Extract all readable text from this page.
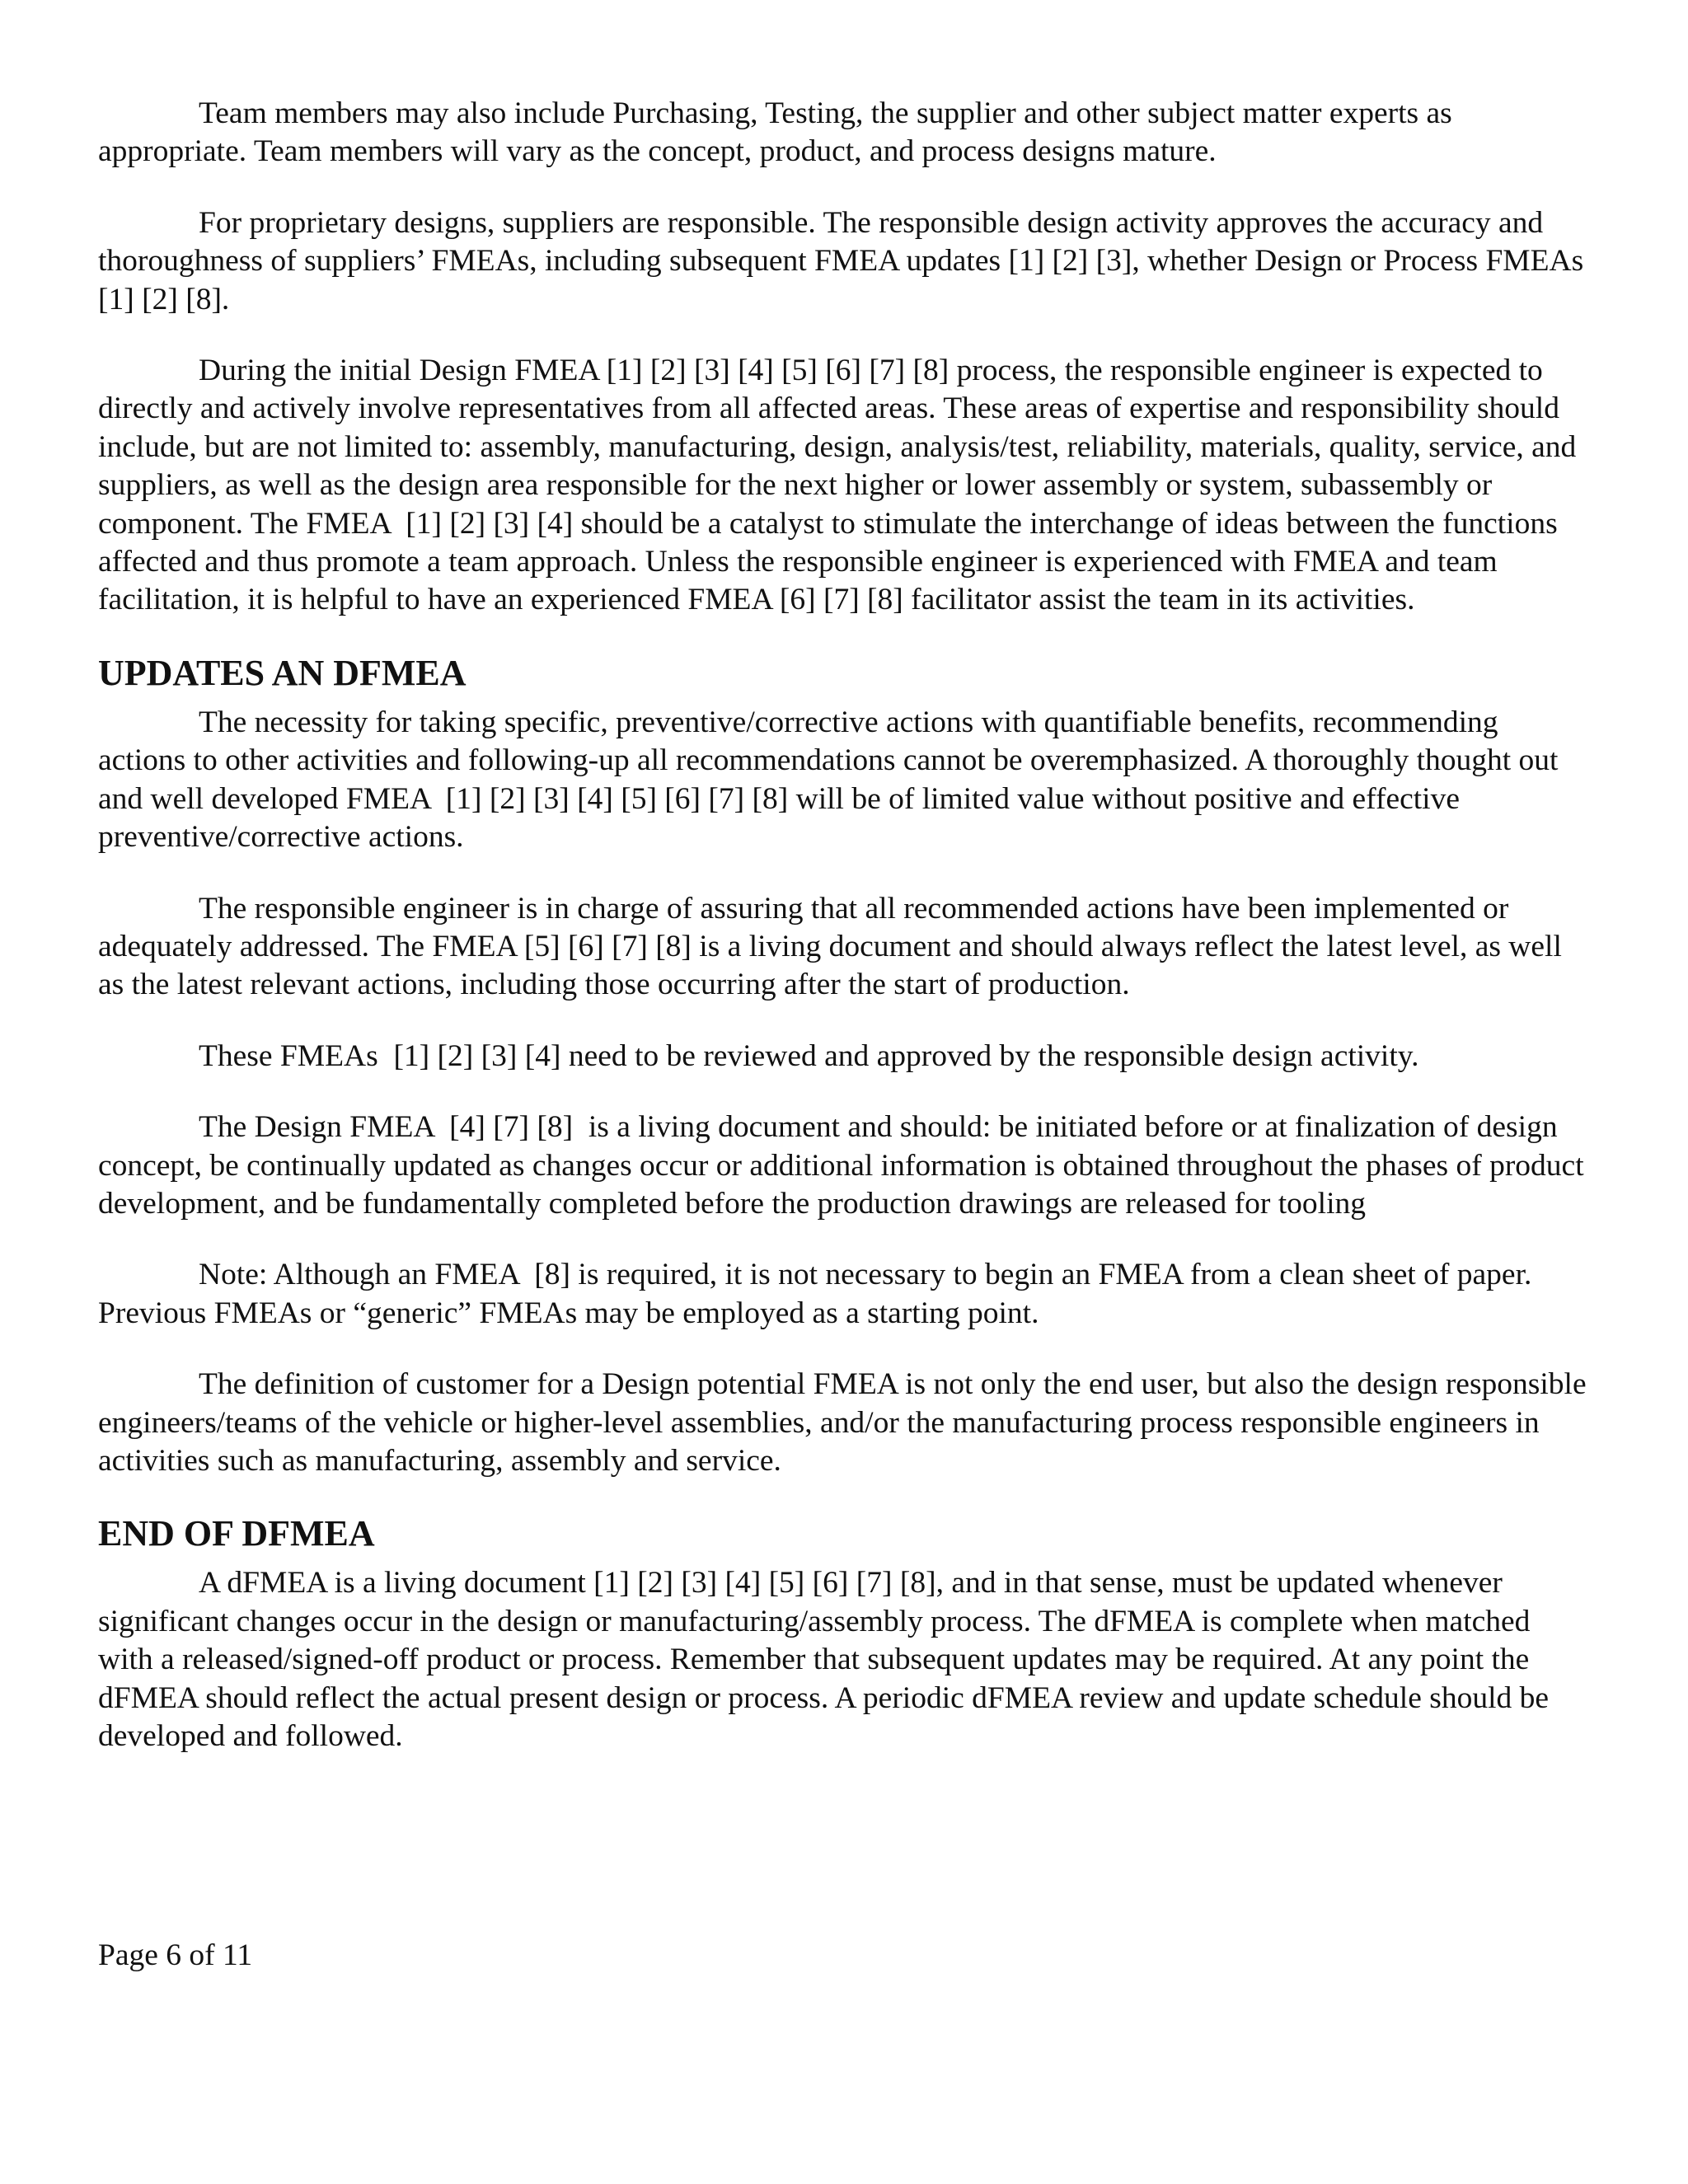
Team members may also include Purchasing, Testing, the supplier and other subject matter experts as appropriate. Team members will vary as the concept, product, and process designs mature.

For proprietary designs, suppliers are responsible. The responsible design activity approves the accuracy and thoroughness of suppliers’ FMEAs, including subsequent FMEA updates [1] [2] [3], whether Design or Process FMEAs [1] [2] [8].

During the initial Design FMEA [1] [2] [3] [4] [5] [6] [7] [8] process, the responsible engineer is expected to directly and actively involve representatives from all affected areas. These areas of expertise and responsibility should include, but are not limited to: assembly, manufacturing, design, analysis/test, reliability, materials, quality, service, and suppliers, as well as the design area responsible for the next higher or lower assembly or system, subassembly or component. The FMEA  [1] [2] [3] [4] should be a catalyst to stimulate the interchange of ideas between the functions affected and thus promote a team approach. Unless the responsible engineer is experienced with FMEA and team facilitation, it is helpful to have an experienced FMEA [6] [7] [8] facilitator assist the team in its activities.

UPDATES AN DFMEA

The necessity for taking specific, preventive/corrective actions with quantifiable benefits, recommending actions to other activities and following-up all recommendations cannot be overemphasized. A thoroughly thought out and well developed FMEA  [1] [2] [3] [4] [5] [6] [7] [8] will be of limited value without positive and effective preventive/corrective actions.

The responsible engineer is in charge of assuring that all recommended actions have been implemented or adequately addressed. The FMEA [5] [6] [7] [8] is a living document and should always reflect the latest level, as well as the latest relevant actions, including those occurring after the start of production.

These FMEAs  [1] [2] [3] [4] need to be reviewed and approved by the responsible design activity.

The Design FMEA  [4] [7] [8]  is a living document and should: be initiated before or at finalization of design concept, be continually updated as changes occur or additional information is obtained throughout the phases of product development, and be fundamentally completed before the production drawings are released for tooling

Note: Although an FMEA  [8] is required, it is not necessary to begin an FMEA from a clean sheet of paper. Previous FMEAs or “generic” FMEAs may be employed as a starting point.

The definition of customer for a Design potential FMEA is not only the end user, but also the design responsible engineers/teams of the vehicle or higher-level assemblies, and/or the manufacturing process responsible engineers in activities such as manufacturing, assembly and service.

END OF DFMEA

A dFMEA is a living document [1] [2] [3] [4] [5] [6] [7] [8], and in that sense, must be updated whenever significant changes occur in the design or manufacturing/assembly process. The dFMEA is complete when matched with a released/signed-off product or process. Remember that subsequent updates may be required. At any point the dFMEA should reflect the actual present design or process. A periodic dFMEA review and update schedule should be developed and followed.

Page 6 of 11
